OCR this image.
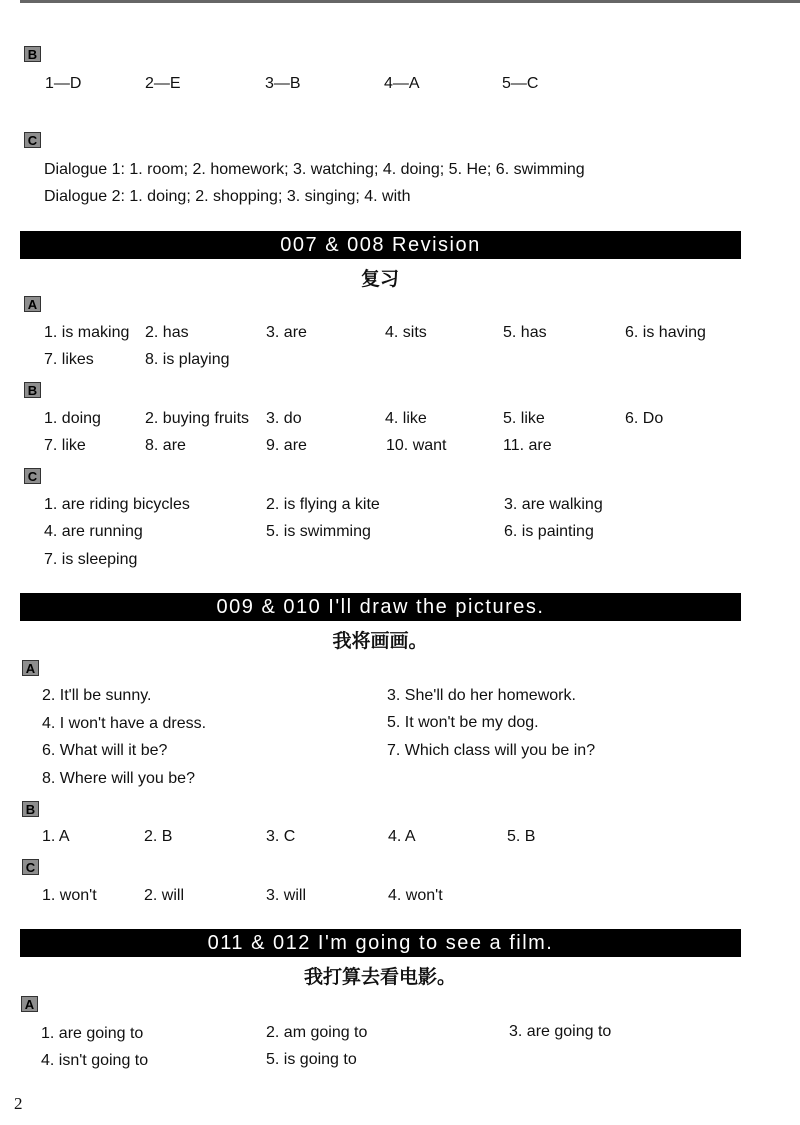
B
1—D	2—E	3—B	4—A	5—C
C
Dialogue 1: 1. room; 2. homework; 3. watching; 4. doing; 5. He; 6. swimming
Dialogue 2: 1. doing; 2. shopping; 3. singing; 4. with
007 & 008 Revision
复习
A
1. is making 2. has	3. are	4. sits	5. has	6. is having
7. likes	8. is playing
B
1. doing	2. buying fruits 3. do	4. like	5. like	6. Do
7. like	8. are	9. are	10. want	11. are
C
1. are riding bicycles	2. is flying a kite	3. are walking
4. are running	5. is swimming	6. is painting
7. is sleeping
009 & 010 I'll draw the pictures.
我将画画。
A
2. It'll be sunny.	3. She'll do her homework.
4. I won't have a dress.	5. It won't be my dog.
6. What will it be?	7. Which class will you be in?
8. Where will you be?
B
1. A	2. B	3. C	4. A	5. B
C
1. won't	2. will	3. will	4. won't
011 & 012 I'm going to see a film.
我打算去看电影。
A
1. are going to	2. am going to	3. are going to
4. isn't going to	5. is going to
2
